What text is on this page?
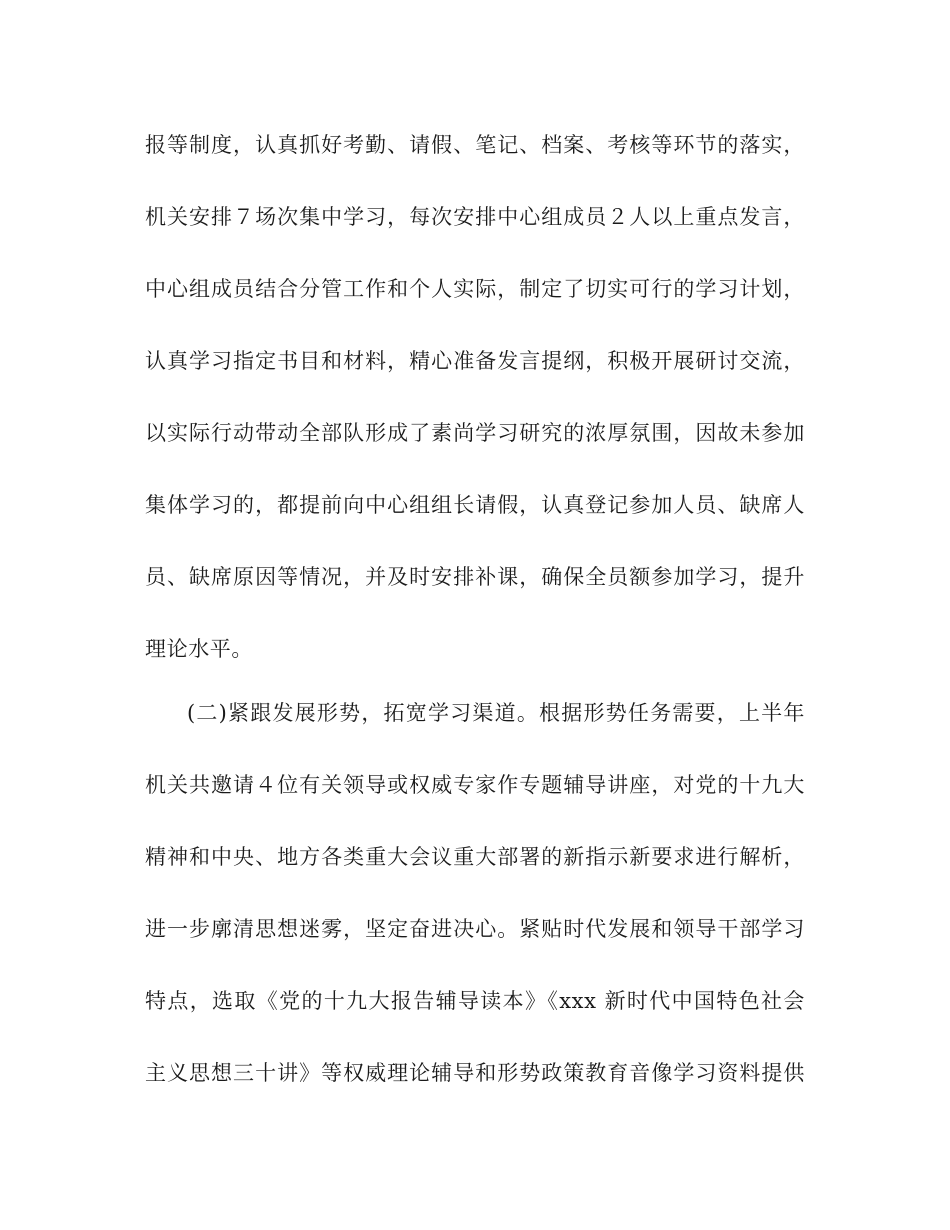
报等制度，认真抓好考勤、请假、笔记、档案、考核等环节的落实，
机关安排７场次集中学习，每次安排中心组成员２人以上重点发言，
中心组成员结合分管工作和个人实际，制定了切实可行的学习计划，
认真学习指定书目和材料，精心准备发言提纲，积极开展研讨交流，
以实际行动带动全部队形成了素尚学习研究的浓厚氛围，因故未参加
集体学习的，都提前向中心组组长请假，认真登记参加人员、缺席人
员、缺席原因等情况，并及时安排补课，确保全员额参加学习，提升
理论水平。
(二)紧跟发展形势，拓宽学习渠道。根据形势任务需要，上半年
机关共邀请４位有关领导或权威专家作专题辅导讲座，对党的十九大
精神和中央、地方各类重大会议重大部署的新指示新要求进行解析，
进一步廓清思想迷雾，坚定奋进决心。紧贴时代发展和领导干部学习
特点，选取《党的十九大报告辅导读本》《xxx 新时代中国特色社会
主义思想三十讲》等权威理论辅导和形势政策教育音像学习资料提供
